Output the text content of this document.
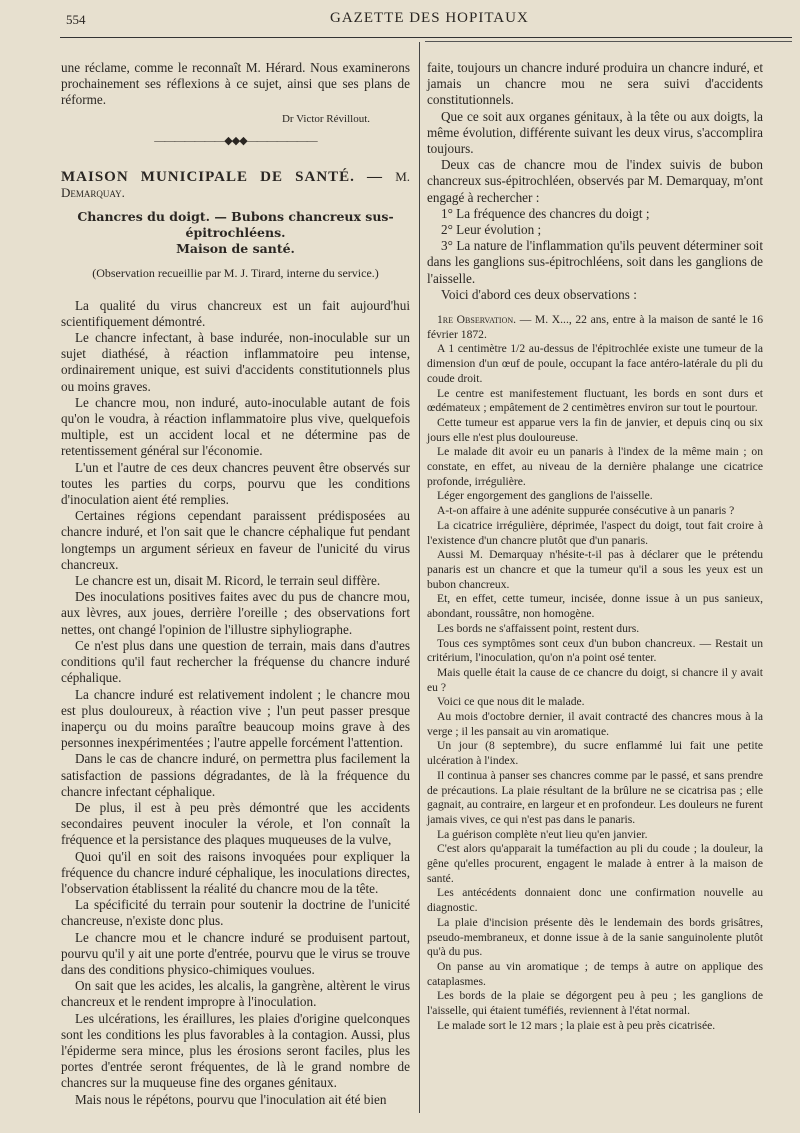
554	GAZETTE DES HOPITAUX

une réclame, comme le reconnaît M. Hérard. Nous examinerons prochainement ses réflexions à ce sujet, ainsi que ses plans de réforme.

Dr Victor Révillout.
———————◆◆◆———————
MAISON MUNICIPALE DE SANTÉ. — M. Demarquay.
Chancres du doigt. — Bubons chancreux sus-épitrochléens.
Maison de santé.
(Observation recueillie par M. J. Tirard, interne du service.)

La qualité du virus chancreux est un fait aujourd'hui scientifiquement démontré.

Le chancre infectant, à base indurée, non-inoculable sur un sujet diathésé, à réaction inflammatoire peu intense, ordinairement unique, est suivi d'accidents constitutionnels plus ou moins graves.

Le chancre mou, non induré, auto-inoculable autant de fois qu'on le voudra, à réaction inflammatoire plus vive, quelquefois multiple, est un accident local et ne détermine pas de retentissement général sur l'économie.

L'un et l'autre de ces deux chancres peuvent être observés sur toutes les parties du corps, pourvu que les conditions d'inoculation aient été remplies.

Certaines régions cependant paraissent prédisposées au chancre induré, et l'on sait que le chancre céphalique fut pendant longtemps un argument sérieux en faveur de l'unicité du virus chancreux.

Le chancre est un, disait M. Ricord, le terrain seul diffère.

Des inoculations positives faites avec du pus de chancre mou, aux lèvres, aux joues, derrière l'oreille ; des observations fort nettes, ont changé l'opinion de l'illustre siphyliographe.

Ce n'est plus dans une question de terrain, mais dans d'autres conditions qu'il faut rechercher la fréquense du chancre induré céphalique.

La chancre induré est relativement indolent ; le chancre mou est plus douloureux, à réaction vive ; l'un peut passer presque inaperçu ou du moins paraître beaucoup moins grave à des personnes inexpérimentées ; l'autre appelle forcément l'attention.

Dans le cas de chancre induré, on permettra plus facilement la satisfaction de passions dégradantes, de là la fréquence du chancre infectant céphalique.

De plus, il est à peu près démontré que les accidents secondaires peuvent inoculer la vérole, et l'on connaît la fréquence et la persistance des plaques muqueuses de la vulve,

Quoi qu'il en soit des raisons invoquées pour expliquer la fréquence du chancre induré céphalique, les inoculations directes, l'observation établissent la réalité du chancre mou de la tête.

La spécificité du terrain pour soutenir la doctrine de l'unicité chancreuse, n'existe donc plus.

Le chancre mou et le chancre induré se produisent partout, pourvu qu'il y ait une porte d'entrée, pourvu que le virus se trouve dans des conditions physico-chimiques voulues.

On sait que les acides, les alcalis, la gangrène, altèrent le virus chancreux et le rendent impropre à l'inoculation.

Les ulcérations, les éraillures, les plaies d'origine quelconques sont les conditions les plus favorables à la contagion. Aussi, plus l'épiderme sera mince, plus les érosions seront faciles, plus les portes d'entrée seront fréquentes, de là le grand nombre de chancres sur la muqueuse fine des organes génitaux.

Mais nous le répétons, pourvu que l'inoculation ait été bien

faite, toujours un chancre induré produira un chancre induré, et jamais un chancre mou ne sera suivi d'accidents constitutionnels.

Que ce soit aux organes génitaux, à la tête ou aux doigts, la même évolution, différente suivant les deux virus, s'accomplira toujours.

Deux cas de chancre mou de l'index suivis de bubon chancreux sus-épitrochléen, observés par M. Demarquay, m'ont engagé à rechercher :

1° La fréquence des chancres du doigt ;

2° Leur évolution ;

3° La nature de l'inflammation qu'ils peuvent déterminer soit dans les ganglions sus-épitrochléens, soit dans les ganglions de l'aisselle.

Voici d'abord ces deux observations :

1re Observation. — M. X..., 22 ans, entre à la maison de santé le 16 février 1872.

A 1 centimètre 1/2 au-dessus de l'épitrochlée existe une tumeur de la dimension d'un œuf de poule, occupant la face antéro-latérale du pli du coude droit.

Le centre est manifestement fluctuant, les bords en sont durs et œdémateux ; empâtement de 2 centimètres environ sur tout le pourtour.

Cette tumeur est apparue vers la fin de janvier, et depuis cinq ou six jours elle n'est plus douloureuse.

Le malade dit avoir eu un panaris à l'index de la même main ; on constate, en effet, au niveau de la dernière phalange une cicatrice profonde, irrégulière.

Léger engorgement des ganglions de l'aisselle.

A-t-on affaire à une adénite suppurée consécutive à un panaris ?

La cicatrice irrégulière, déprimée, l'aspect du doigt, tout fait croire à l'existence d'un chancre plutôt que d'un panaris.

Aussi M. Demarquay n'hésite-t-il pas à déclarer que le prétendu panaris est un chancre et que la tumeur qu'il a sous les yeux est un bubon chancreux.

Et, en effet, cette tumeur, incisée, donne issue à un pus sanieux, abondant, roussâtre, non homogène.

Les bords ne s'affaissent point, restent durs.

Tous ces symptômes sont ceux d'un bubon chancreux. — Restait un critérium, l'inoculation, qu'on n'a point osé tenter.

Mais quelle était la cause de ce chancre du doigt, si chancre il y avait eu ?

Voici ce que nous dit le malade.

Au mois d'octobre dernier, il avait contracté des chancres mous à la verge ; il les pansait au vin aromatique.

Un jour (8 septembre), du sucre enflammé lui fait une petite ulcération à l'index.

Il continua à panser ses chancres comme par le passé, et sans prendre de précautions. La plaie résultant de la brûlure ne se cicatrisa pas ; elle gagnait, au contraire, en largeur et en profondeur. Les douleurs ne furent jamais vives, ce qui n'est pas dans le panaris.

La guérison complète n'eut lieu qu'en janvier.

C'est alors qu'apparait la tuméfaction au pli du coude ; la douleur, la gêne qu'elles procurent, engagent le malade à entrer à la maison de santé.

Les antécédents donnaient donc une confirmation nouvelle au diagnostic.

La plaie d'incision présente dès le lendemain des bords grisâtres, pseudo-membraneux, et donne issue à de la sanie sanguinolente plutôt qu'à du pus.

On panse au vin aromatique ; de temps à autre on applique des cataplasmes.

Les bords de la plaie se dégorgent peu à peu ; les ganglions de l'aisselle, qui étaient tuméfiés, reviennent à l'état normal.

Le malade sort le 12 mars ; la plaie est à peu près cicatrisée.
